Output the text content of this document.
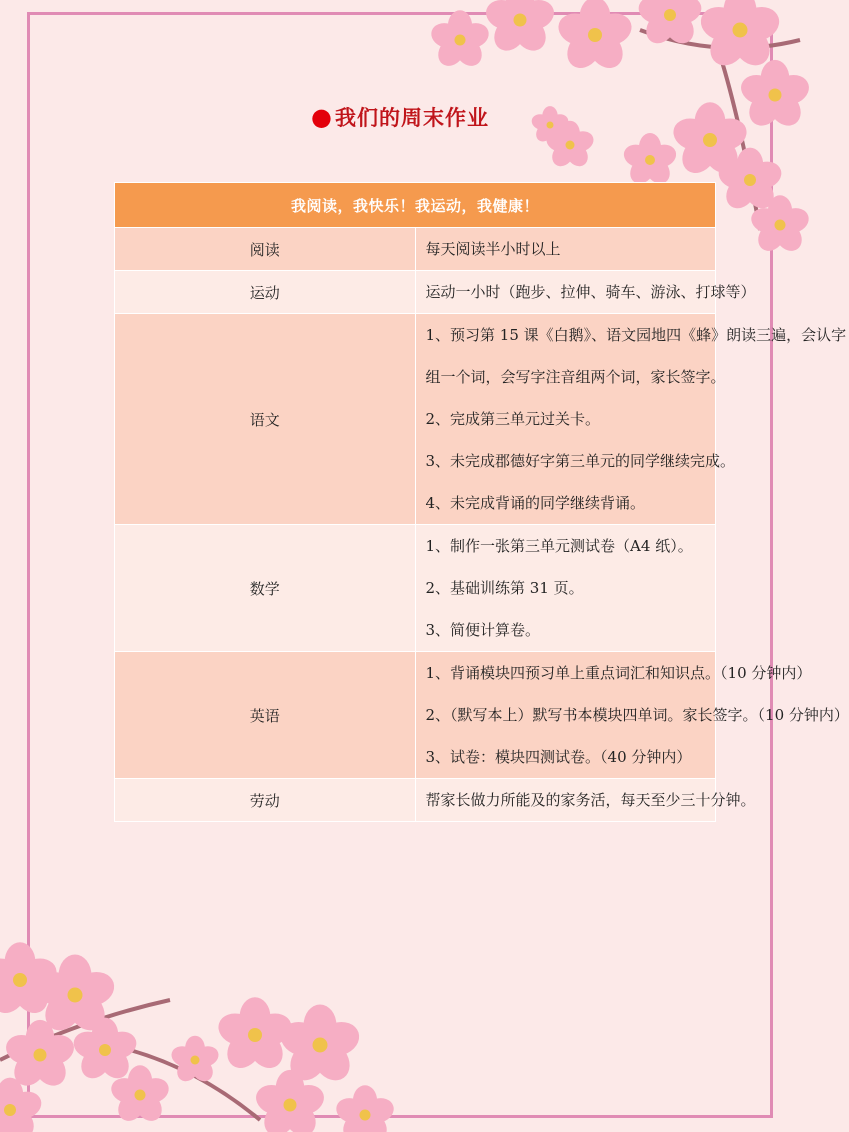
●我们的周末作业
我阅读，我快乐！我运动，我健康！	
阅读	每天阅读半小时以上

运动	运动一小时（跑步、拉伸、骑车、游泳、打球等）

语文	1、预习第 15 课《白鹅》、语文园地四《蜂》朗读三遍，会认字
组一个词，会写字注音组两个词，家长签字。
2、完成第三单元过关卡。
3、未完成郡德好字第三单元的同学继续完成。
4、未完成背诵的同学继续背诵。

数学	1、制作一张第三单元测试卷（A4 纸）。
2、基础训练第 31 页。
3、简便计算卷。

英语	1、背诵模块四预习单上重点词汇和知识点。（10 分钟内）
2、（默写本上）默写书本模块四单词。家长签字。（10 分钟内）
3、试卷：模块四测试卷。（40 分钟内）

劳动	帮家长做力所能及的家务活，每天至少三十分钟。
